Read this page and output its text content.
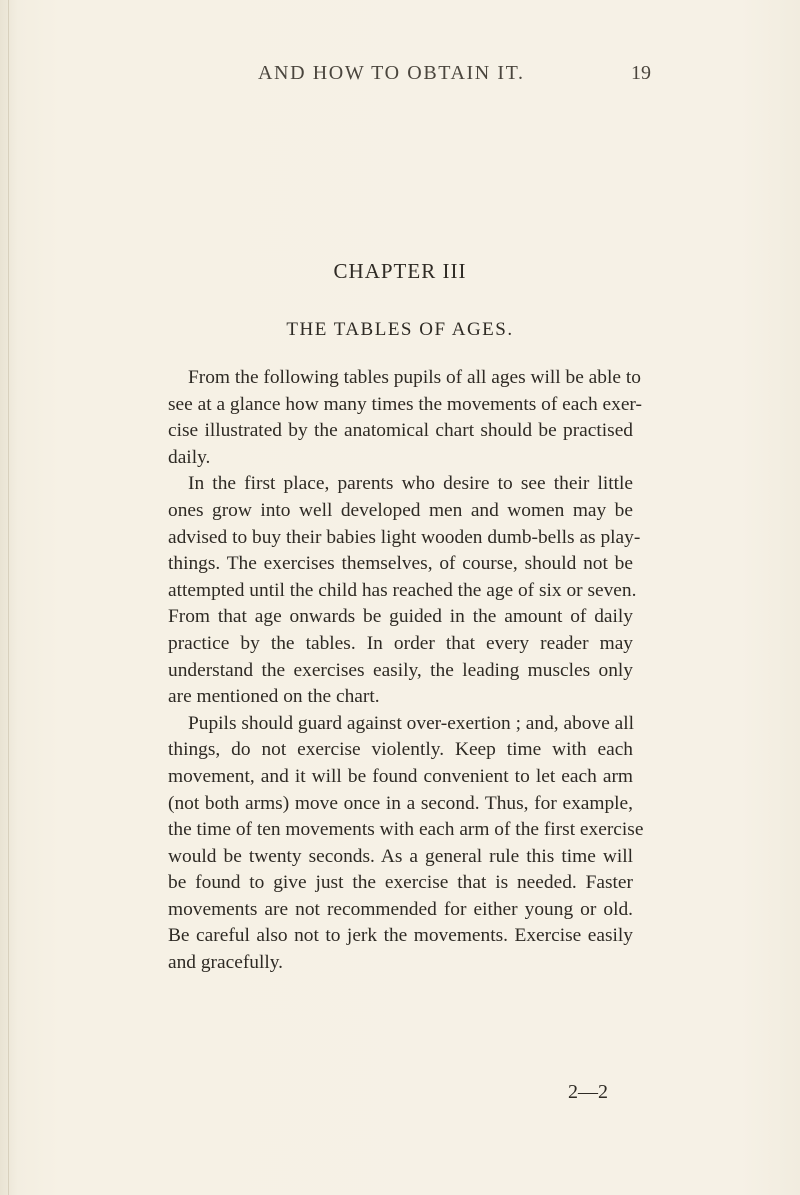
AND HOW TO OBTAIN IT.	19
CHAPTER III
THE TABLES OF AGES.
From the following tables pupils of all ages will be able to
see at a glance how many times the movements of each exer-
cise illustrated by the anatomical chart should be practised
daily.
In the first place, parents who desire to see their little
ones grow into well developed men and women may be
advised to buy their babies light wooden dumb-bells as play-
things. The exercises themselves, of course, should not be
attempted until the child has reached the age of six or seven.
From that age onwards be guided in the amount of daily
practice by the tables. In order that every reader may
understand the exercises easily, the leading muscles only
are mentioned on the chart.
Pupils should guard against over-exertion ; and, above all
things, do not exercise violently. Keep time with each
movement, and it will be found convenient to let each arm
(not both arms) move once in a second. Thus, for example,
the time of ten movements with each arm of the first exercise
would be twenty seconds. As a general rule this time will
be found to give just the exercise that is needed. Faster
movements are not recommended for either young or old.
Be careful also not to jerk the movements. Exercise easily
and gracefully.
2—2
